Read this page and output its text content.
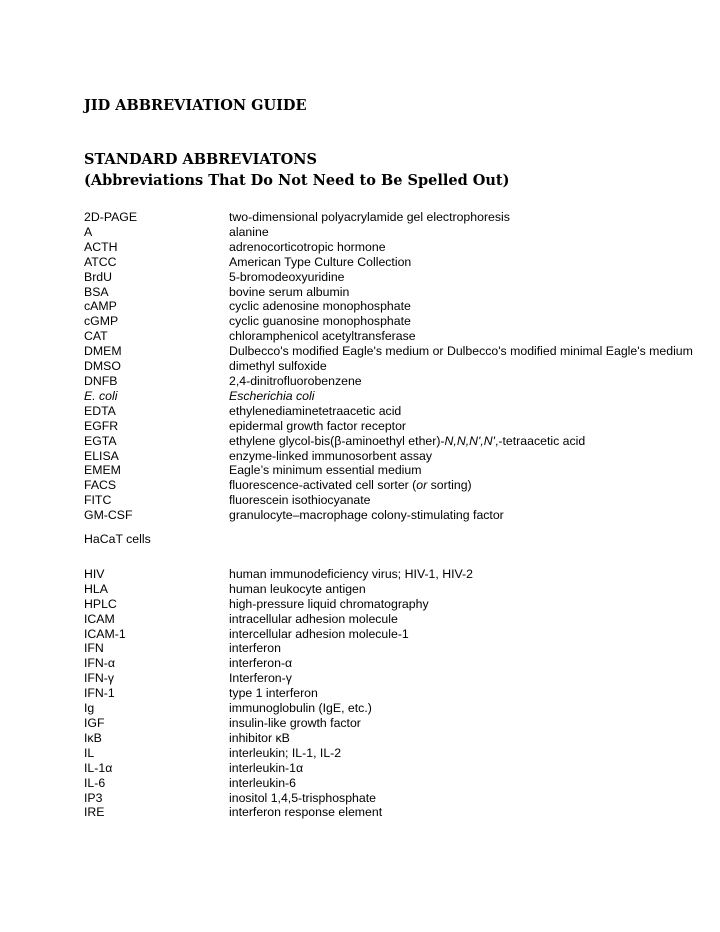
JID ABBREVIATION GUIDE
STANDARD ABBREVIATONS
(Abbreviations That Do Not Need to Be Spelled Out)
2D-PAGE	two-dimensional polyacrylamide gel electrophoresis
A	alanine
ACTH	adrenocorticotropic hormone
ATCC	American Type Culture Collection
BrdU	5-bromodeoxyuridine
BSA	bovine serum albumin
cAMP	cyclic adenosine monophosphate
cGMP	cyclic guanosine monophosphate
CAT	chloramphenicol acetyltransferase
DMEM	Dulbecco's modified Eagle's medium or Dulbecco's modified minimal Eagle's medium
DMSO	dimethyl sulfoxide
DNFB	2,4-dinitrofluorobenzene
E. coli	Escherichia coli
EDTA	ethylenediaminetetraacetic acid
EGFR	epidermal growth factor receptor
EGTA	ethylene glycol-bis(β-aminoethyl ether)-N,N,N',N',-tetraacetic acid
ELISA	enzyme-linked immunosorbent assay
EMEM	Eagle’s minimum essential medium
FACS	fluorescence-activated cell sorter (or sorting)
FITC	fluorescein isothiocyanate
GM-CSF	granulocyte–macrophage colony-stimulating factor
HaCaT cells
HIV	human immunodeficiency virus; HIV-1, HIV-2
HLA	human leukocyte antigen
HPLC	high-pressure liquid chromatography
ICAM	intracellular adhesion molecule
ICAM-1	intercellular adhesion molecule-1
IFN	interferon
IFN-α	interferon-α
IFN-γ	Interferon-γ
IFN-1	type 1 interferon
Ig	immunoglobulin (IgE, etc.)
IGF	insulin-like growth factor
IκB	inhibitor κB
IL	interleukin; IL-1, IL-2
IL-1α	interleukin-1α
IL-6	interleukin-6
IP3	inositol 1,4,5-trisphosphate
IRE	interferon response element
